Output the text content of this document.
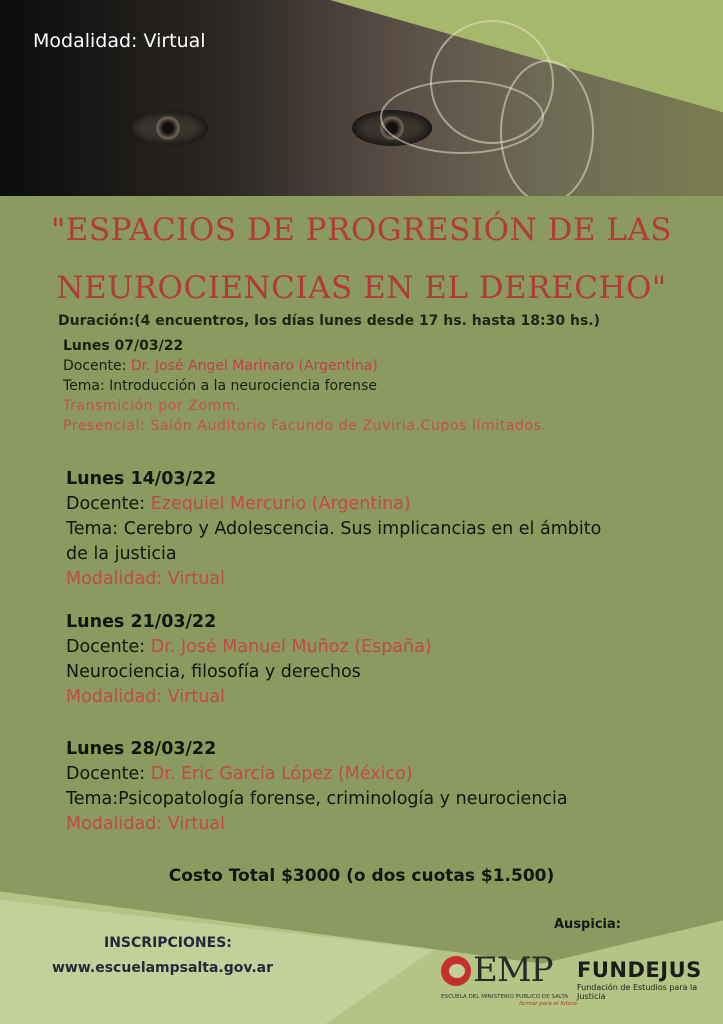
Modalidad: Virtual
"ESPACIOS DE PROGRESIÓN DE LAS
NEUROCIENCIAS EN EL DERECHO"
Duración:(4 encuentros, los días lunes desde 17 hs. hasta 18:30 hs.)
Lunes 07/03/22
Docente: Dr. José Angel Marinaro (Argentina)
Tema: Introducción a la neurociencia forense
Transmición por Zomm.
Presencial: Salón Auditorio Facundo de Zuviria.Cupos límitados.
Lunes 14/03/22
Docente: Ezequiel Mercurio (Argentina)
Tema: Cerebro y Adolescencia. Sus implicancias en el ámbito
de la justicia
Modalidad: Virtual
Lunes 21/03/22
Docente: Dr. José Manuel Muñoz (España)
Neurociencia, filosofía y derechos
Modalidad: Virtual
Lunes 28/03/22
Docente: Dr. Eric García López (México)
Tema:Psicopatología forense, criminología y neurociencia
Modalidad: Virtual
Costo Total $3000 (o dos cuotas $1.500)
INSCRIPCIONES:
www.escuelampsalta.gov.ar
Auspicia:
EMP
ESCUELA DEL MINISTERIO PUBLICO DE SALTA
formar para el futuro
FUNDEJUS
Fundación de Estudios para la Justicia
